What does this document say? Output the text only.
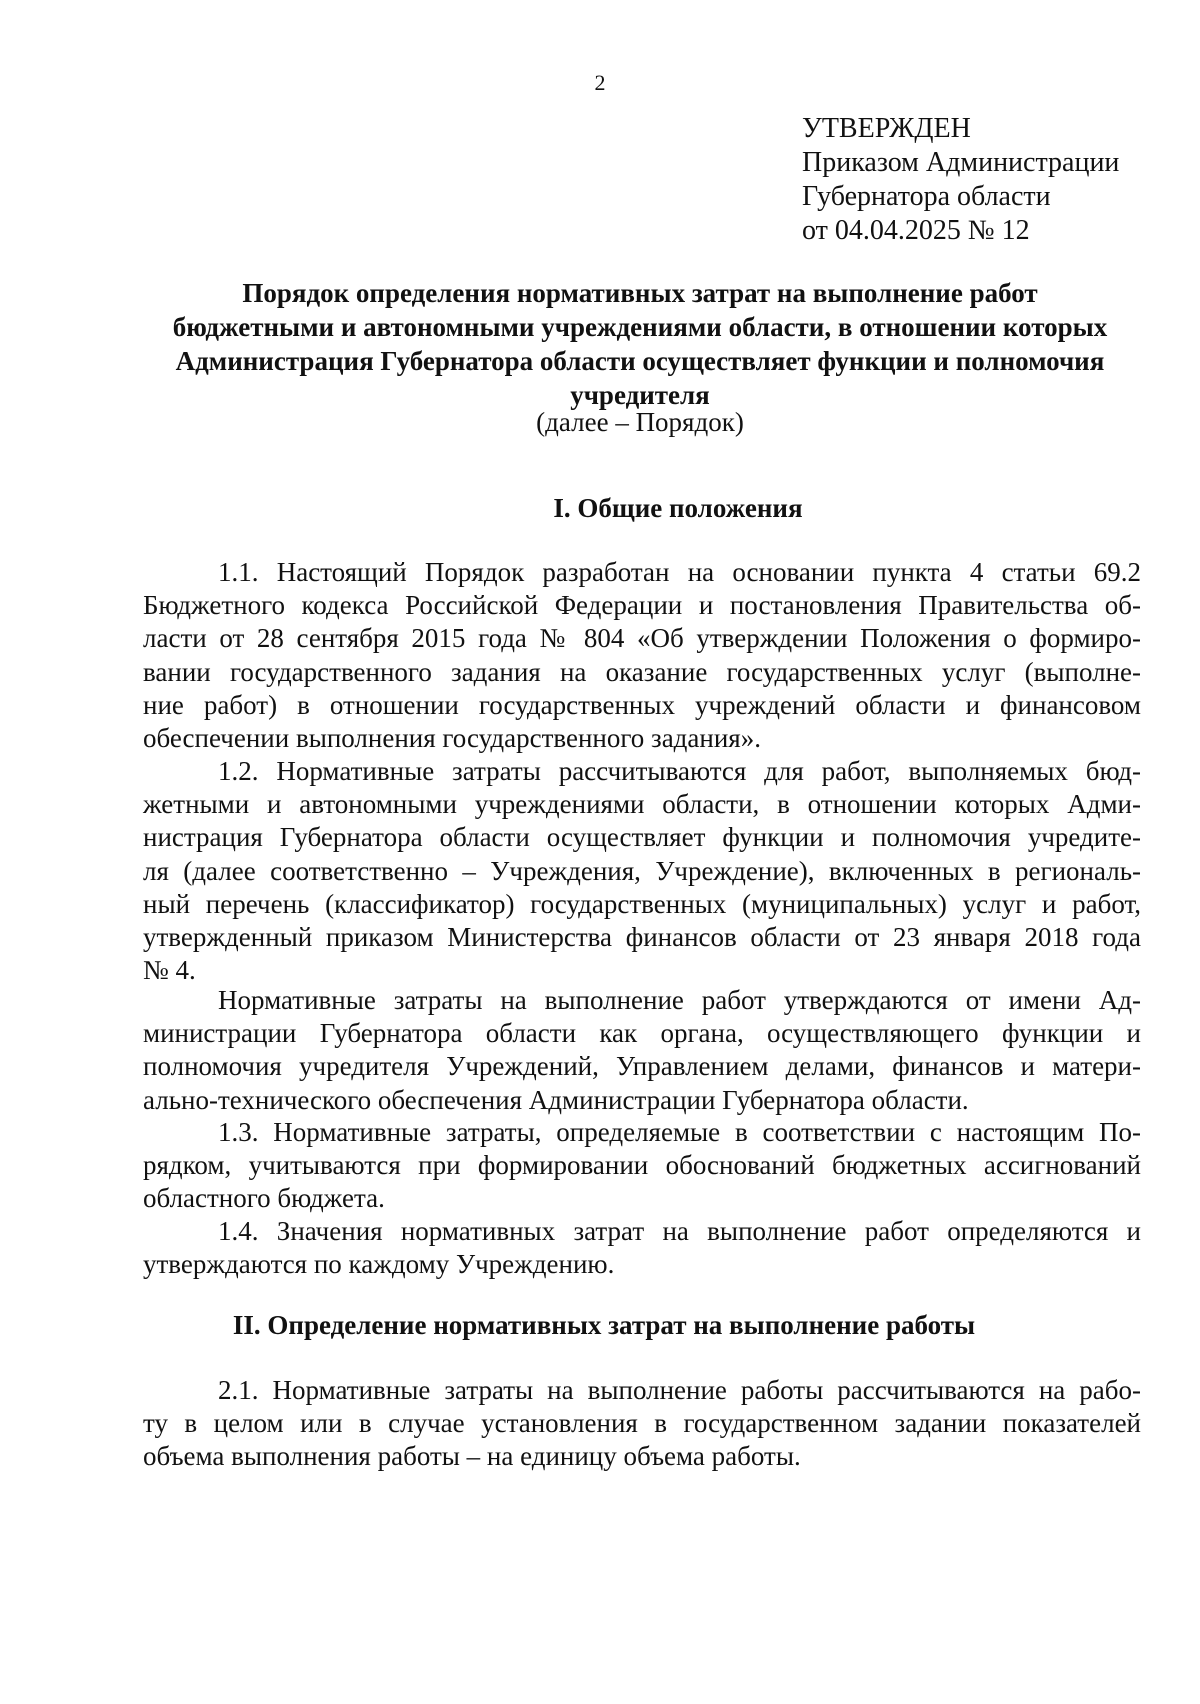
2
УТВЕРЖДЕН
Приказом Администрации
Губернатора области
от 04.04.2025 № 12
Порядок определения нормативных затрат на выполнение работ
бюджетными и автономными учреждениями области, в отношении которых
Администрация Губернатора области осуществляет функции и полномочия
учредителя
(далее – Порядок)
I. Общие положения
1.1. Настоящий Порядок разработан на основании пункта 4 статьи 69.2
Бюджетного кодекса Российской Федерации и постановления Правительства об-
ласти от 28 сентября 2015 года № 804 «Об утверждении Положения о формиро-
вании государственного задания на оказание государственных услуг (выполне-
ние работ) в отношении государственных учреждений области и финансовом
обеспечении выполнения государственного задания».
1.2. Нормативные затраты рассчитываются для работ, выполняемых бюд-
жетными и автономными учреждениями области, в отношении которых Адми-
нистрация Губернатора области осуществляет функции и полномочия учредите-
ля (далее соответственно – Учреждения, Учреждение), включенных в региональ-
ный перечень (классификатор) государственных (муниципальных) услуг и работ,
утвержденный приказом Министерства финансов области от 23 января 2018 года
№ 4.
Нормативные затраты на выполнение работ утверждаются от имени Ад-
министрации Губернатора области как органа, осуществляющего функции и
полномочия учредителя Учреждений, Управлением делами, финансов и матери-
ально-технического обеспечения Администрации Губернатора области.
1.3. Нормативные затраты, определяемые в соответствии с настоящим По-
рядком, учитываются при формировании обоснований бюджетных ассигнований
областного бюджета.
1.4. Значения нормативных затрат на выполнение работ определяются и
утверждаются по каждому Учреждению.
II. Определение нормативных затрат на выполнение работы
2.1. Нормативные затраты на выполнение работы рассчитываются на рабо-
ту в целом или в случае установления в государственном задании показателей
объема выполнения работы – на единицу объема работы.
